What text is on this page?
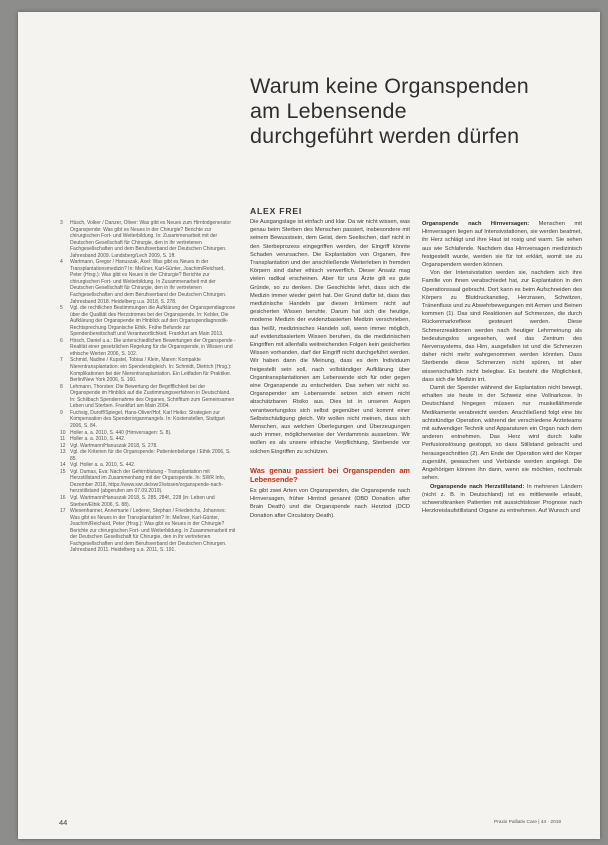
Warum keine Organspenden
am Lebensende
durchgeführt werden dürfen
ALEX FREI
3 Hüsch, Volker / Danzer, Oliver: Was gibt es Neues zum Hirntodgenerator Organspende: Was gibt es Neues in der Chirurgie? Berichte zur chirurgischen Fort- und Weiterbildung. In: Zusammenarbeit mit der Deutschen Gesellschaft für Chirurgie, den in ihr vertretenen Fachgesellschaften und dem Berufsverband der Deutschen Chirurgen. Jahresband 2009. Landsberg/Lech 2009, S. 1ff.
4 Wartmann, Gregor / Hanuszak, Axel: Was gibt es Neues in der Transplantationsmedizin? In: Meßner, Karl-Günter, Joachim/Reichard, Peter (Hrsg.): Was gibt es Neues in der Chirurgie? Berichte zur chirurgischen Fort- und Weiterbildung. In Zusammenarbeit mit der Deutschen Gesellschaft für Chirurgie, den in ihr vertretenen Fachgesellschaften und dem Berufsverband der Deutschen Chirurgen. Jahresband 2018. Heidelberg u.a. 2018, S. 278.
5 Vgl. die rechtlichen Bestimmungen die Aufklärung der Organspendiagnose über die Qualität des Herzstromes bei der Organspende. In: Kebler, Die Aufklärung der Organspende im Hinblick auf den Organspendiagnostik-Rechtsprechung Organische Ethik. Frühe Befunde zur Spendenbereitschaft und Verantwortlichkeit. Frankfurt am Main 2013.
6 Hirsch, Daniel u.a.: Die unterschiedlichen Bewertungen der Organspende - Realität einer gesetzlichen Regelung für die Organspende, in Wissen und ethische Werten 2006, S. 102.
7 Schmid, Nadine / Kupstel, Tobias / Klein, Maren: Kompakte Nierentransplantation: ein Spenderabgleich. In: Schmidt, Dietrich (Hrsg.): Komplikationen bei der Nierentransplantation. Ein Leitfaden für Praktiker. Berlin/New York 2006, S. 160.
8 Lehmann, Thorsten: Die Bewertung der Begrifflichkeit bei der Organspende im Hinblick auf die Zustimmungsverfahren in Deutschland. In: Schilbach Spendernahme des Organes, Schrifttum zum Gemeinsamen Leben und Sterben. Frankfurt am Main 2004.
9 Fuchsig, Duroff/Spiegel, Hans-Oliver/Hof, Karl Heiko: Strategien zur Kompensation des Spenderorganmangels. In: Kostenstellen, Stuttgart 2006, S. 84.
10 Holler a. a. 2010, S. 440 (Hirnversagen: S. 8).
11 Holler a. a. 2010, S. 442.
12 Vgl. Wartmann/Hanuszak 2018, S. 278.
13 Vgl. die Kriterien für die Organspende: Patientenbelange / Ethik 2006, S. 85.
14 Vgl. Holler a. a. 2010, S. 442.
15 Vgl. Dumas, Eva: Nach der Gehirnblutung - Transplantation mit Herzstillstand im Zusammenhang mit der Organspende. In: SWR Info, Dezember 2018, https://www.swr.de/swr2/wissen/organspende-nach-herzstillstand (abgerufen am 07.09.2019).
16 Vgl. Wartmann/Hanuszak 2018, S. 285, 284f., 228 (in: Leben und Sterben/Ethik 2006, S. 88).
17 Wiesenhanner, Annemarie / Lederer, Stephan / Friederichs, Johannes: Was gibt es Neues in der Transplantation? In: Meßner, Karl-Günter, Joachim/Reichard, Peter (Hrsg.): Was gibt es Neues in der Chirurgie? Berichte zur chirurgischen Fort- und Weiterbildung. In Zusammenarbeit mit der Deutschen Gesellschaft für Chirurgie, den in ihr vertretenen Fachgesellschaften und dem Berufsverband der Deutschen Chirurgen. Jahresband 2011. Heidelberg u.a. 2011, S. 191.

Die Ausgangslage ist einfach und klar. Da wir nicht wissen, was genau beim Sterben des Menschen passiert, insbesondere mit seinem Bewusstsein, dem Geist, dem Seelischen, darf nicht in den Sterbeprozess eingegriffen werden, der Eingriff könnte Schaden verursachen. Die Explantation von Organen, ihre Transplantation und der anschließende Weiterleben in fremden Körpern sind daher ethisch verwerflich. Dieser Ansatz mag vielen radikal erscheinen. Aber für uns Ärzte gilt es gute Gründe, so zu denken. Die Geschichte lehrt, dass sich die Medizin immer wieder geirrt hat. Der Grund dafür ist, dass das medizinische Handeln gar diesen Irrtümern nicht auf gesicherten Wissen beruhte. Darum hat sich die heutige, moderne Medizin der evidenzbasierten Medizin verschrieben, das heißt, medizinisches Handeln soll, wenn immer möglich, auf evidenzbasiertem Wissen beruhen, da die medizinischen Eingriffen mit allenfalls weitreichenden Folgen kein gesichertes Wissen vorhanden, darf der Eingriff nicht durchgeführt werden. Wir haben dann die Meinung, dass es dem Individuum freigestellt sein soll, nach vollständiger Aufklärung über Organtransplantationen am Lebensende sich für oder gegen eine Organspende zu entscheiden. Das sehen wir nicht so. Organspender am Lebensende setzen sich einem nicht abschätzbaren Risiko aus. Dies ist in unseren Augen verantwortungslos sich selbst gegenüber und kommt einer Selbstschädigung gleich. Wir wollen nicht meinen, dass sich Menschen, aus welchen Überlegungen und Überzeugungen auch immer, möglicherweise der Verdammnis aussetzen. Wir wollen es als unsere ethische Verpflichtung, Sterbende vor solchen Eingriffen zu schützen.

Was genau passiert bei Organspenden am Lebensende?

Es gibt zwei Arten von Organspenden, die Organspende nach Hirnversagen, früher Hirntod genannt (DBD Donation after Brain Death) und die Organspende nach Herztod (DCD Donation after Circulatory Death).

Organspende nach Hirnversagen: Menschen mit Hirnversagen liegen auf Intensivstationen, sie werden beatmet, ihr Herz schlägt und ihre Haut ist rosig und warm. Sie sehen aus wie Schlafende. Nachdem das Hirnversagen medizinisch festgestellt wurde, werden sie für tot erklärt, womit sie zu Organspendern werden können.

Von der Intensivstation werden sie, nachdem sich ihre Familie von ihnen verabschiedet hat, zur Explantation in den Operationssaal gebracht. Dort kann es beim Aufschneiden des Körpers zu Blutdruckanstieg, Herzrasen, Schwitzen, Tränenfluss und zu Abwehrbewegungen mit Armen und Beinen kommen (1). Das sind Reaktionen auf Schmerzen, die durch Rückenmarkreflexe gesteuert werden. Diese Schmerzreaktionen werden nach heutiger Lehrmeinung als bedeutungslos angesehen, weil das Zentrum des Nervensystems, das Hirn, ausgefallen ist und die Schmerzen daher nicht mehr wahrgenommen werden könnten. Dass Sterbende diese Schmerzen nicht spüren, ist aber wissenschaftlich nicht belegbar. Es besteht die Möglichkeit, dass sich die Medizin irrt.

Damit der Spender während der Explantation nicht bewegt, erhalten sie heute in der Schweiz eine Vollnarkose. In Deutschland hingegen müssen nur muskellähmende Medikamente verabreicht werden. Anschließend folgt eine bis achtstündige Operation, während der verschiedene Ärzteteams mit aufwendiger Technik und Apparaturen ein Organ nach dem anderen entnehmen. Das Herz wird durch kalte Perfusionslösung gestoppt, so dass Stillstand gebracht und herausgeschnitten (2). Am Ende der Operation wird der Körper zugenäht, gewaschen und Verbände werden angelegt. Die Angehörigen können ihn dann, wenn sie möchten, nochmals sehen.

Organspende nach Herzstillstand: In mehreren Ländern (nicht z. B. in Deutschland) ist es mittlerweile erlaubt, schwerstkranken Patienten mit aussichtsloser Prognose nach Herzkreislaufstillstand Organe zu entnehmen. Auf Wunsch und

44	Praxis Palliativ Care | 44 · 2019
